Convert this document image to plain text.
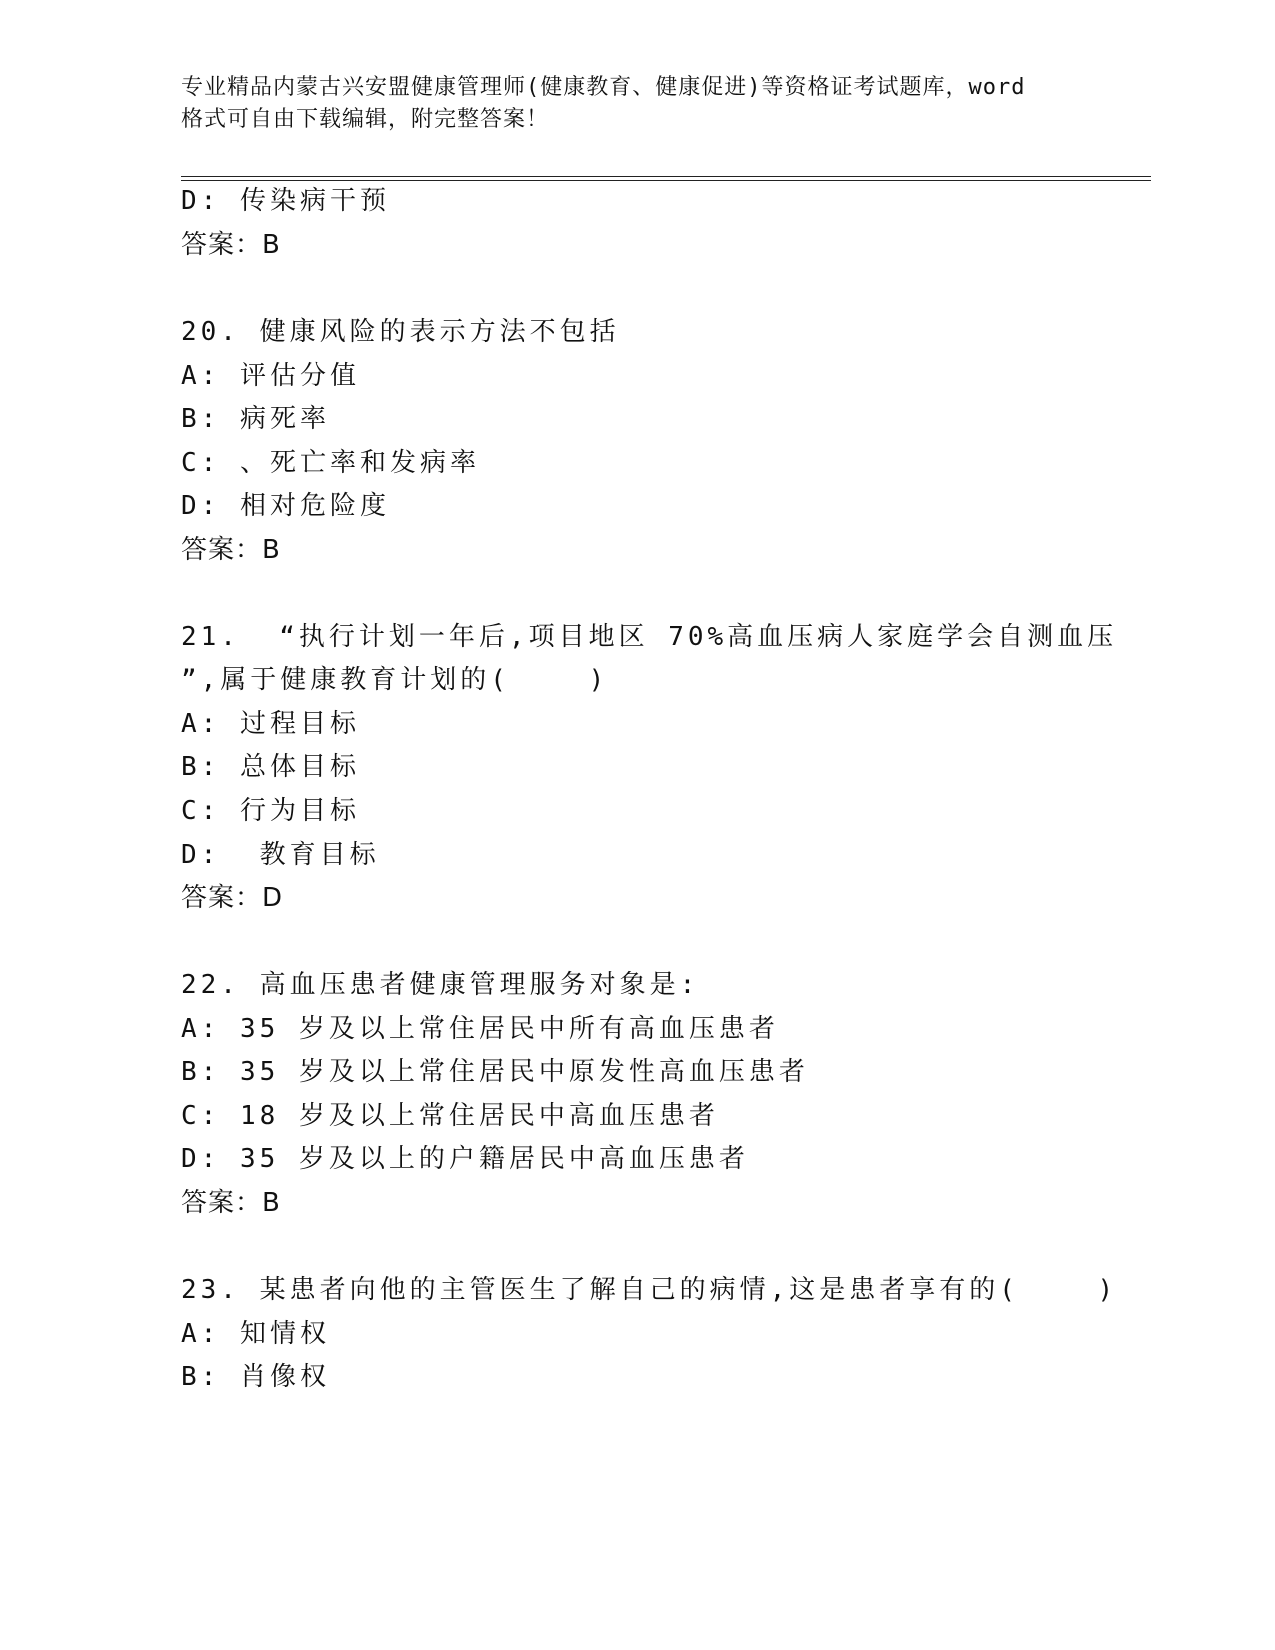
专业精品内蒙古兴安盟健康管理师(健康教育、健康促进)等资格证考试题库，word
格式可自由下载编辑，附完整答案！
D: 传染病干预
答案：B
20. 健康风险的表示方法不包括
A: 评估分值
B: 病死率
C: 、死亡率和发病率
D: 相对危险度
答案：B
21.  “执行计划一年后,项目地区 70%高血压病人家庭学会自测血压
”,属于健康教育计划的(    )
A: 过程目标
B: 总体目标
C: 行为目标
D:  教育目标
答案：D
22. 高血压患者健康管理服务对象是:
A: 35 岁及以上常住居民中所有高血压患者
B: 35 岁及以上常住居民中原发性高血压患者
C: 18 岁及以上常住居民中高血压患者
D: 35 岁及以上的户籍居民中高血压患者
答案：B
23. 某患者向他的主管医生了解自己的病情,这是患者享有的(    )
A: 知情权
B: 肖像权
